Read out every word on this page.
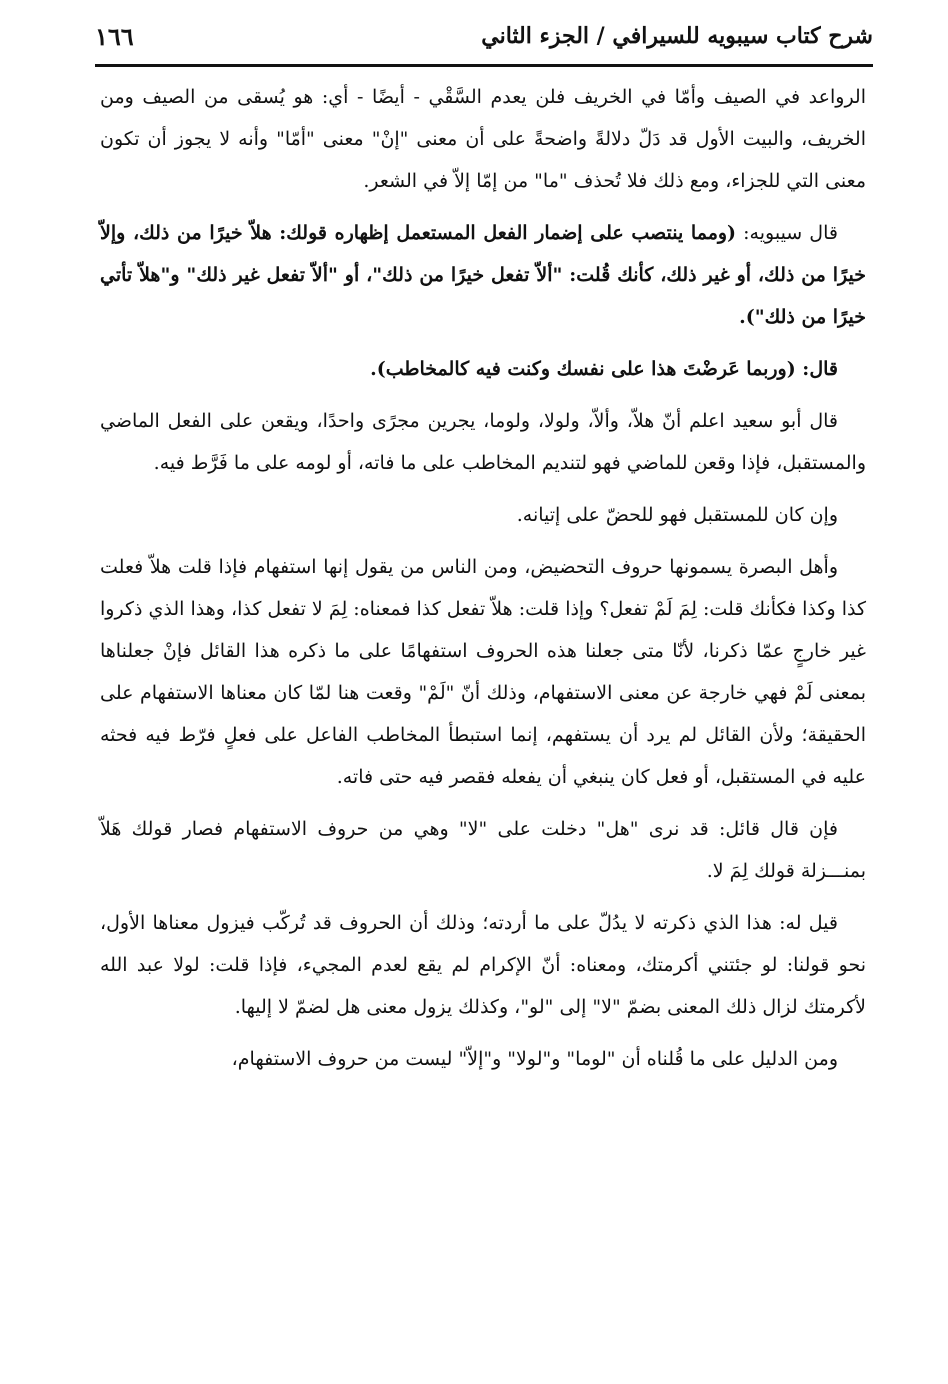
شرح كتاب سيبويه للسيرافي / الجزء الثاني
١٦٦

الرواعد في الصيف وأمّا في الخريف فلن يعدم السَّقْي - أيضًا - أي: هو يُسقى من الصيف ومن الخريف، والبيت الأول قد دَلّ دلالةً واضحةً على أن معنى "إنْ" معنى "أمّا" وأنه لا يجوز أن تكون معنى التي للجزاء، ومع ذلك فلا تُحذف "ما" من إمّا إلاّ في الشعر.

قال سيبويه: (ومما ينتصب على إضمار الفعل المستعمل إظهاره قولك: هلاّ خيرًا من ذلك، وإلاّ خيرًا من ذلك، أو غير ذلك، كأنك قُلت: "ألاّ تفعل خيرًا من ذلك"، أو "ألاّ تفعل غير ذلك" و"هلاّ تأتي خيرًا من ذلك").

قال: (وربما عَرضْتَ هذا على نفسك وكنت فيه كالمخاطب).

قال أبو سعيد اعلم أنّ هلاّ، وألاّ، ولولا، ولوما، يجرين مجرًى واحدًا، ويقعن على الفعل الماضي والمستقبل، فإذا وقعن للماضي فهو لتنديم المخاطب على ما فاته، أو لومه على ما فَرَّط فيه.

وإن كان للمستقبل فهو للحضّ على إتيانه.

وأهل البصرة يسمونها حروف التحضيض، ومن الناس من يقول إنها استفهام فإذا قلت هلاّ فعلت كذا وكذا فكأنك قلت: لِمَ لَمْ تفعل؟ وإذا قلت: هلاّ تفعل كذا فمعناه: لِمَ لا تفعل كذا، وهذا الذي ذكروا غير خارجٍ عمّا ذكرنا، لأنّا متى جعلنا هذه الحروف استفهامًا على ما ذكره هذا القائل فإنْ جعلناها بمعنى لَمْ فهي خارجة عن معنى الاستفهام، وذلك أنّ "لَمْ" وقعت هنا لمّا كان معناها الاستفهام على الحقيقة؛ ولأن القائل لم يرد أن يستفهم، إنما استبطأ المخاطب الفاعل على فعلٍ فرّط فيه فحثه عليه في المستقبل، أو فعل كان ينبغي أن يفعله فقصر فيه حتى فاته.

فإن قال قائل: قد نرى "هل" دخلت على "لا" وهي من حروف الاستفهام فصار قولك هَلاّ بمنـــزلة قولك لِمَ لا.

قيل له: هذا الذي ذكرته لا يدُلّ على ما أردته؛ وذلك أن الحروف قد تُركّب فيزول معناها الأول، نحو قولنا: لو جئتني أكرمتك، ومعناه: أنّ الإكرام لم يقع لعدم المجيء، فإذا قلت: لولا عبد الله لأكرمتك لزال ذلك المعنى بضمّ "لا" إلى "لو"، وكذلك يزول معنى هل لضمّ لا إليها.

ومن الدليل على ما قُلناه أن "لوما" و"لولا" و"إلاّ" ليست من حروف الاستفهام،
